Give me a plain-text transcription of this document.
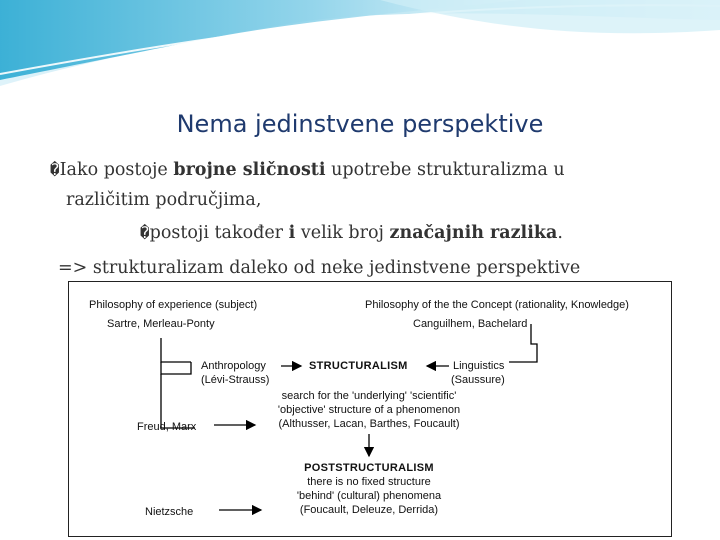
Nema jedinstvene perspektive
�Iako postoje brojne sličnosti upotrebe strukturalizma u
različitim područjima,
�postoji također i velik broj značajnih razlika.
=> strukturalizam daleko od neke jedinstvene perspektive
Philosophy of experience (subject)
Sartre, Merleau-Ponty
Philosophy of the the Concept (rationality, Knowledge)
Canguilhem, Bachelard
Anthropology
(Lévi-Strauss)
STRUCTURALISM	Linguistics
(Saussure)
search for the 'underlying' 'scientific'
'objective' structure of a phenomenon
(Althusser, Lacan, Barthes, Foucault)
Freud, Marx
POSTSTRUCTURALISM
there is no fixed structure
'behind' (cultural) phenomena
(Foucault, Deleuze, Derrida)
Nietzsche
